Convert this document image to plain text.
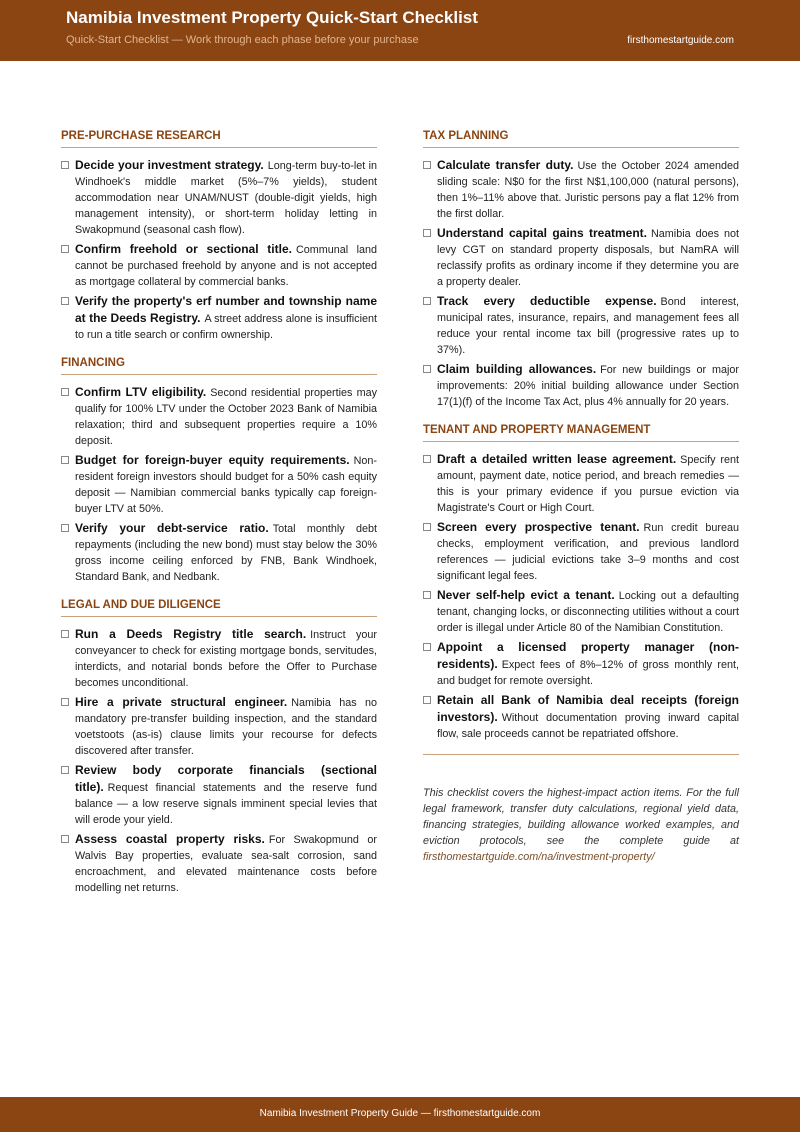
Namibia Investment Property Quick-Start Checklist
Quick-Start Checklist — Work through each phase before your purchase	firsthomestartguide.com
PRE-PURCHASE RESEARCH
Decide your investment strategy. Long-term buy-to-let in Windhoek's middle market (5%–7% yields), student accommodation near UNAM/NUST (double-digit yields, high management intensity), or short-term holiday letting in Swakopmund (seasonal cash flow).
Confirm freehold or sectional title. Communal land cannot be purchased freehold by anyone and is not accepted as mortgage collateral by commercial banks.
Verify the property's erf number and township name at the Deeds Registry. A street address alone is insufficient to run a title search or confirm ownership.
FINANCING
Confirm LTV eligibility. Second residential properties may qualify for 100% LTV under the October 2023 Bank of Namibia relaxation; third and subsequent properties require a 10% deposit.
Budget for foreign-buyer equity requirements. Non-resident foreign investors should budget for a 50% cash equity deposit — Namibian commercial banks typically cap foreign-buyer LTV at 50%.
Verify your debt-service ratio. Total monthly debt repayments (including the new bond) must stay below the 30% gross income ceiling enforced by FNB, Bank Windhoek, Standard Bank, and Nedbank.
LEGAL AND DUE DILIGENCE
Run a Deeds Registry title search. Instruct your conveyancer to check for existing mortgage bonds, servitudes, interdicts, and notarial bonds before the Offer to Purchase becomes unconditional.
Hire a private structural engineer. Namibia has no mandatory pre-transfer building inspection, and the standard voetstoots (as-is) clause limits your recourse for defects discovered after transfer.
Review body corporate financials (sectional title). Request financial statements and the reserve fund balance — a low reserve signals imminent special levies that will erode your yield.
Assess coastal property risks. For Swakopmund or Walvis Bay properties, evaluate sea-salt corrosion, sand encroachment, and elevated maintenance costs before modelling net returns.
TAX PLANNING
Calculate transfer duty. Use the October 2024 amended sliding scale: N$0 for the first N$1,100,000 (natural persons), then 1%–11% above that. Juristic persons pay a flat 12% from the first dollar.
Understand capital gains treatment. Namibia does not levy CGT on standard property disposals, but NamRA will reclassify profits as ordinary income if they determine you are a property dealer.
Track every deductible expense. Bond interest, municipal rates, insurance, repairs, and management fees all reduce your rental income tax bill (progressive rates up to 37%).
Claim building allowances. For new buildings or major improvements: 20% initial building allowance under Section 17(1)(f) of the Income Tax Act, plus 4% annually for 20 years.
TENANT AND PROPERTY MANAGEMENT
Draft a detailed written lease agreement. Specify rent amount, payment date, notice period, and breach remedies — this is your primary evidence if you pursue eviction via Magistrate's Court or High Court.
Screen every prospective tenant. Run credit bureau checks, employment verification, and previous landlord references — judicial evictions take 3–9 months and cost significant legal fees.
Never self-help evict a tenant. Locking out a defaulting tenant, changing locks, or disconnecting utilities without a court order is illegal under Article 80 of the Namibian Constitution.
Appoint a licensed property manager (non-residents). Expect fees of 8%–12% of gross monthly rent, and budget for remote oversight.
Retain all Bank of Namibia deal receipts (foreign investors). Without documentation proving inward capital flow, sale proceeds cannot be repatriated offshore.
This checklist covers the highest-impact action items. For the full legal framework, transfer duty calculations, regional yield data, financing strategies, building allowance worked examples, and eviction protocols, see the complete guide at firsthomestartguide.com/na/investment-property/
Namibia Investment Property Guide — firsthomestartguide.com
